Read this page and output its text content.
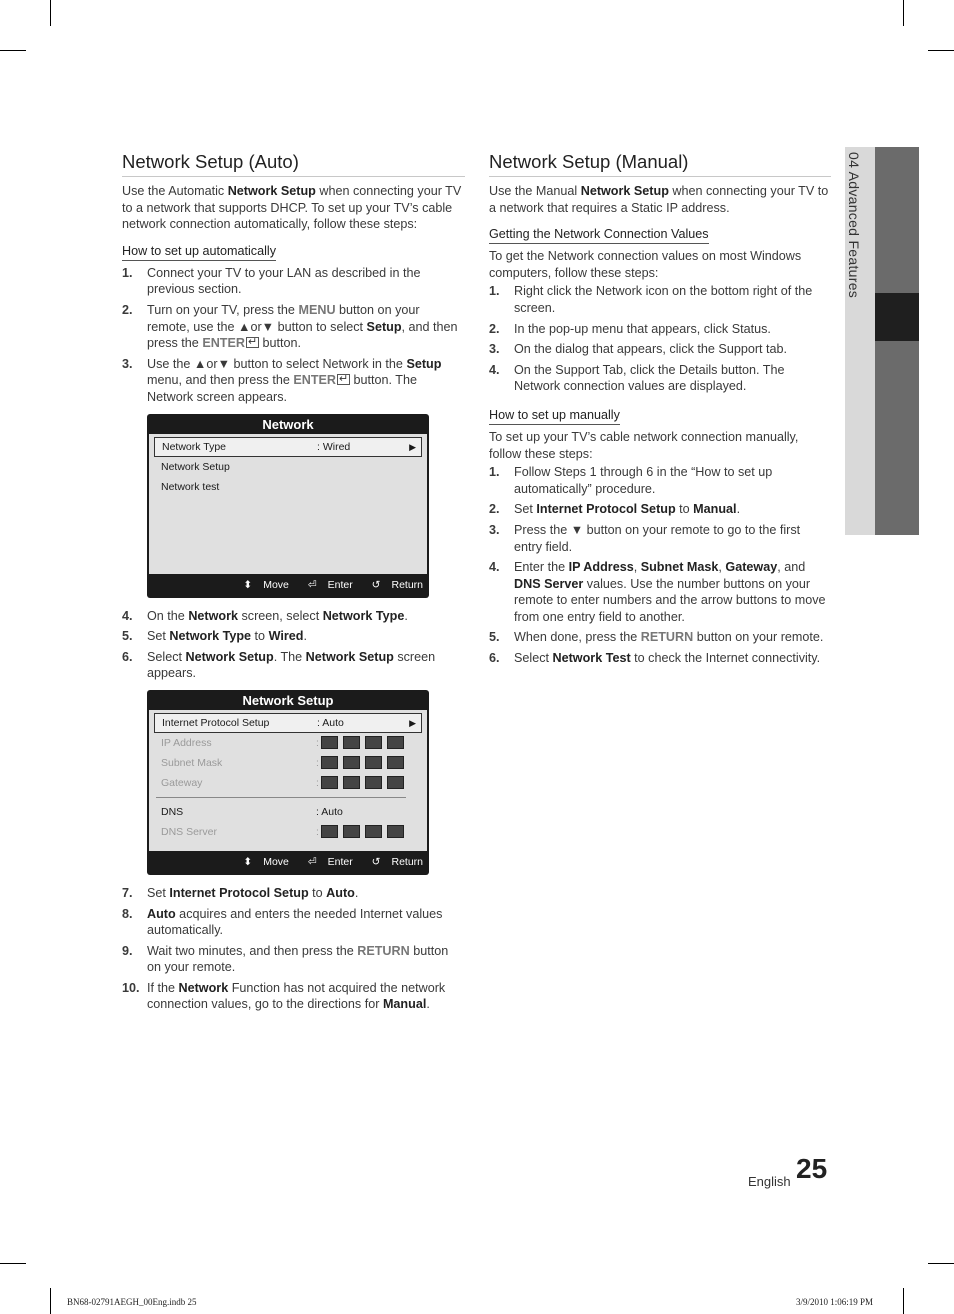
Network Setup (Auto)

Use the Automatic Network Setup when connecting your TV to a network that supports DHCP. To set up your TV’s cable network connection automatically, follow these steps:

How to set up automatically
1. Connect your TV to your LAN as described in the previous section.
2. Turn on your TV, press the MENU button on your remote, use the ▲or▼ button to select Setup, and then press the ENTER↵ button.
3. Use the ▲or▼ button to select Network in the Setup menu, and then press the ENTER↵ button. The Network screen appears.
Network
Network Type	: Wired	▶
Network Setup
Network test
⬍ Move ⏎ Enter ↺ Return
4. On the Network screen, select Network Type.
5. Set Network Type to Wired.
6. Select Network Setup. The Network Setup screen appears.
Network Setup
Internet Protocol Setup	: Auto	▶
IP Address	:
Subnet Mask	:
Gateway	:
DNS	: Auto
DNS Server	:
⬍ Move ⏎ Enter ↺ Return
7. Set Internet Protocol Setup to Auto.
8. Auto acquires and enters the needed Internet values automatically.
9. Wait two minutes, and then press the RETURN button on your remote.
10. If the Network Function has not acquired the network connection values, go to the directions for Manual.
Network Setup (Manual)

Use the Manual Network Setup when connecting your TV to a network that requires a Static IP address.

Getting the Network Connection Values

To get the Network connection values on most Windows computers, follow these steps:

1. Right click the Network icon on the bottom right of the screen.
2. In the pop-up menu that appears, click Status.
3. On the dialog that appears, click the Support tab.
4. On the Support Tab, click the Details button. The Network connection values are displayed.
How to set up manually

To set up your TV’s cable network connection manually, follow these steps:

1. Follow Steps 1 through 6 in the “How to set up automatically” procedure.
2. Set Internet Protocol Setup to Manual.
3. Press the ▼ button on your remote to go to the first entry field.
4. Enter the IP Address, Subnet Mask, Gateway, and DNS Server values. Use the number buttons on your remote to enter numbers and the arrow buttons to move from one entry field to another.
5. When done, press the RETURN button on your remote.
6. Select Network Test to check the Internet connectivity.
04 Advanced Features
English 25
BN68-02791AEGH_00Eng.indb 25	3/9/2010 1:06:19 PM
